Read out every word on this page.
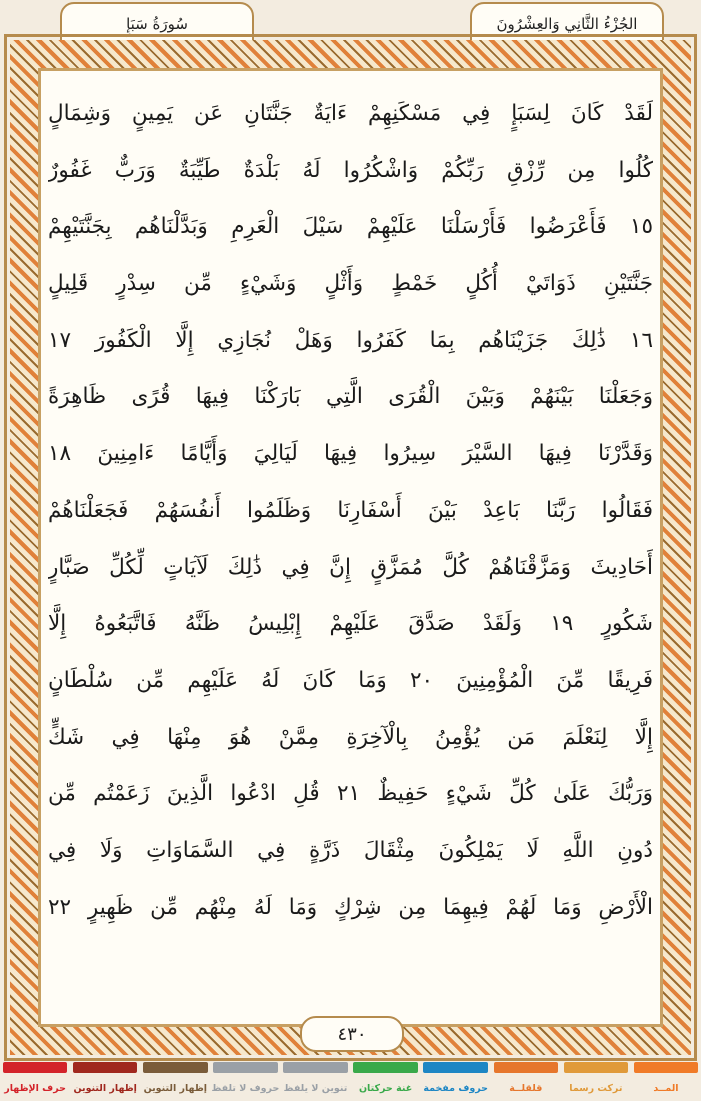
سُورَةُ سَبَإٍ	الجُزْءُ الثَّانِي وَالعِشْرُونَ
لَقَدْ كَانَ لِسَبَإٍ فِي مَسْكَنِهِمْ ءَايَةٌ جَنَّتَانِ عَن يَمِينٍ وَشِمَالٍ
كُلُوا مِن رِّزْقِ رَبِّكُمْ وَاشْكُرُوا لَهُ بَلْدَةٌ طَيِّبَةٌ وَرَبٌّ غَفُورٌ
١٥ فَأَعْرَضُوا فَأَرْسَلْنَا عَلَيْهِمْ سَيْلَ الْعَرِمِ وَبَدَّلْنَاهُم بِجَنَّتَيْهِمْ
جَنَّتَيْنِ ذَوَاتَيْ أُكُلٍ خَمْطٍ وَأَثْلٍ وَشَيْءٍ مِّن سِدْرٍ قَلِيلٍ
١٦ ذَٰلِكَ جَزَيْنَاهُم بِمَا كَفَرُوا وَهَلْ نُجَازِي إِلَّا الْكَفُورَ ١٧
وَجَعَلْنَا بَيْنَهُمْ وَبَيْنَ الْقُرَى الَّتِي بَارَكْنَا فِيهَا قُرًى ظَاهِرَةً
وَقَدَّرْنَا فِيهَا السَّيْرَ سِيرُوا فِيهَا لَيَالِيَ وَأَيَّامًا ءَامِنِينَ ١٨
فَقَالُوا رَبَّنَا بَاعِدْ بَيْنَ أَسْفَارِنَا وَظَلَمُوا أَنفُسَهُمْ فَجَعَلْنَاهُمْ
أَحَادِيثَ وَمَزَّقْنَاهُمْ كُلَّ مُمَزَّقٍ إِنَّ فِي ذَٰلِكَ لَآيَاتٍ لِّكُلِّ صَبَّارٍ
شَكُورٍ ١٩ وَلَقَدْ صَدَّقَ عَلَيْهِمْ إِبْلِيسُ ظَنَّهُ فَاتَّبَعُوهُ إِلَّا
فَرِيقًا مِّنَ الْمُؤْمِنِينَ ٢٠ وَمَا كَانَ لَهُ عَلَيْهِم مِّن سُلْطَانٍ
إِلَّا لِنَعْلَمَ مَن يُؤْمِنُ بِالْآخِرَةِ مِمَّنْ هُوَ مِنْهَا فِي شَكٍّ
وَرَبُّكَ عَلَىٰ كُلِّ شَيْءٍ حَفِيظٌ ٢١ قُلِ ادْعُوا الَّذِينَ زَعَمْتُم مِّن
دُونِ اللَّهِ لَا يَمْلِكُونَ مِثْقَالَ ذَرَّةٍ فِي السَّمَاوَاتِ وَلَا فِي
الْأَرْضِ وَمَا لَهُمْ فِيهِمَا مِن شِرْكٍ وَمَا لَهُ مِنْهُم مِّن ظَهِيرٍ ٢٢
٤٣٠
المــد
تركت رسما
قلقلــة
حروف مفخمة
غنة حركتان
تنوين لا يلفظ
حروف لا تلفظ
إظهار التنوين
إظهار التنوين
حرف الإظهار
